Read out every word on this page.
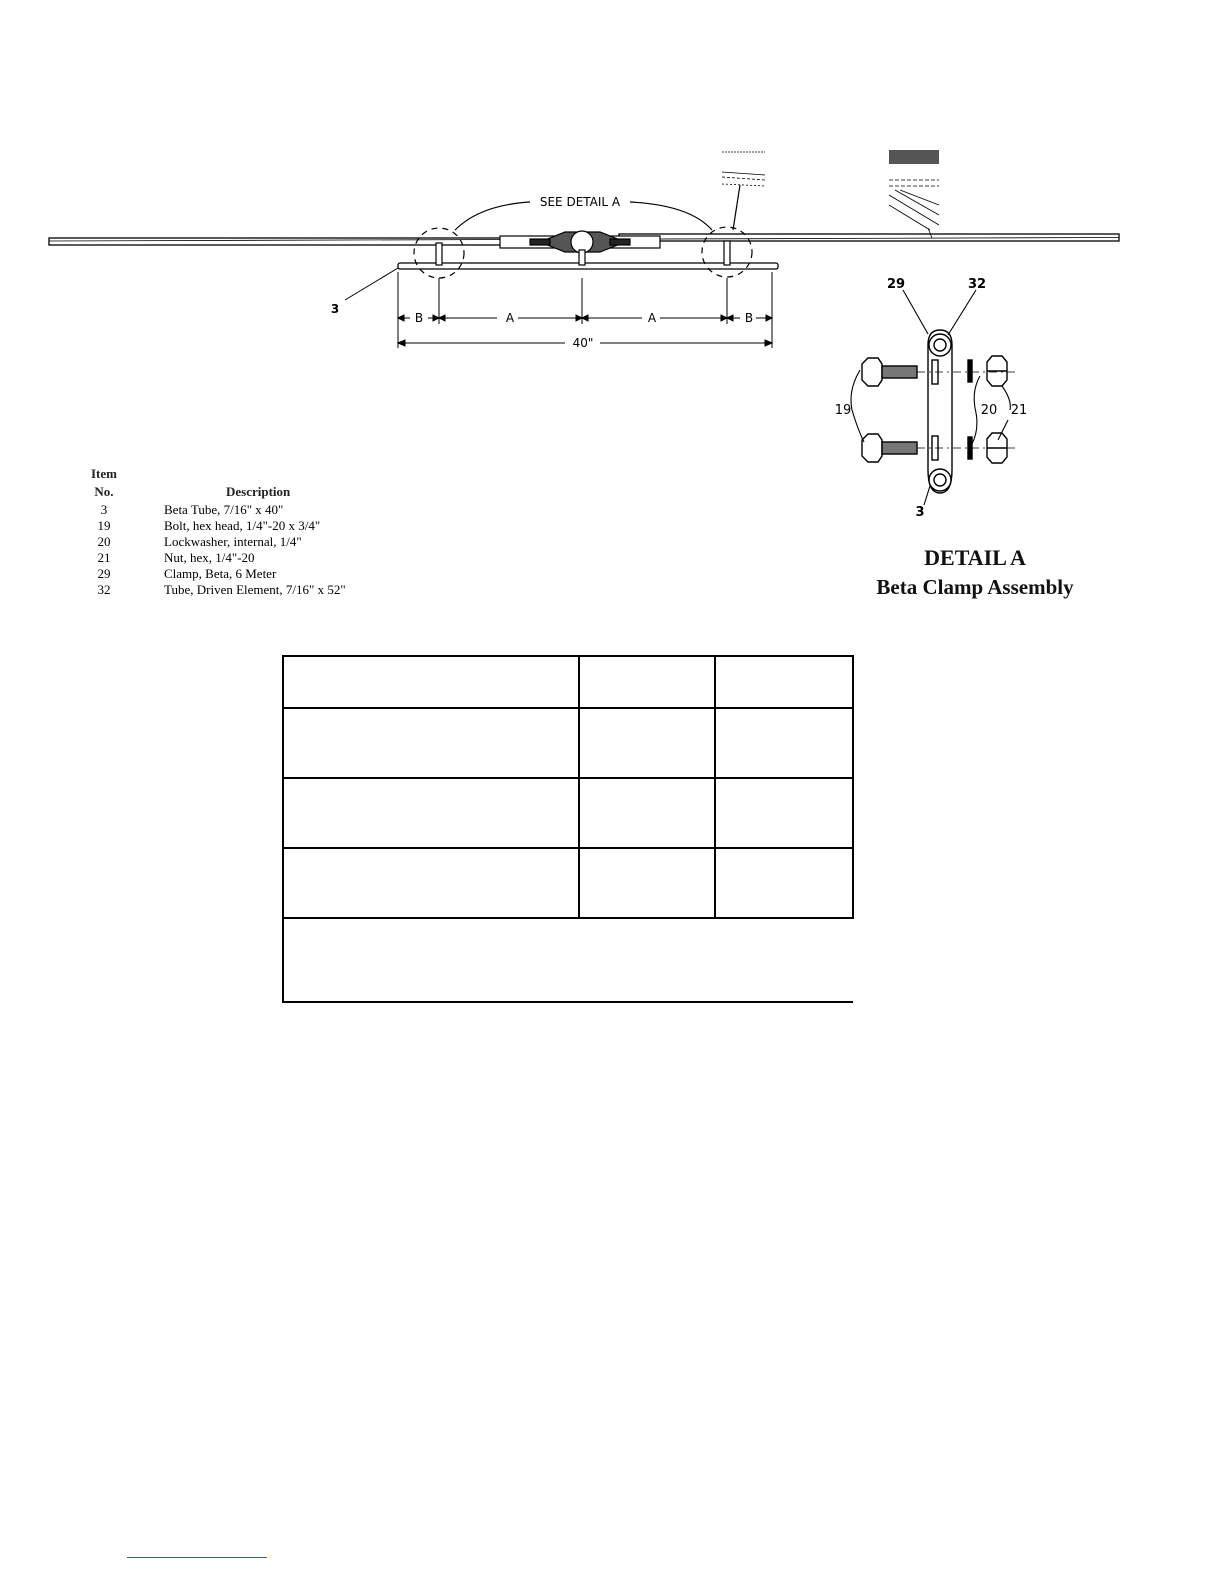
SEE DETAIL A
3
B	A	A	B
40"
29	32
19	20 21
3
DETAIL A
Beta Clamp Assembly
Item
No.	Description
3	Beta Tube, 7/16" x 40"
19	Bolt, hex head, 1/4"-20 x 3/4"
20	Lockwasher, internal, 1/4"
21	Nut, hex, 1/4"-20
29	Clamp, Beta, 6 Meter
32	Tube, Driven Element, 7/16" x 52"
